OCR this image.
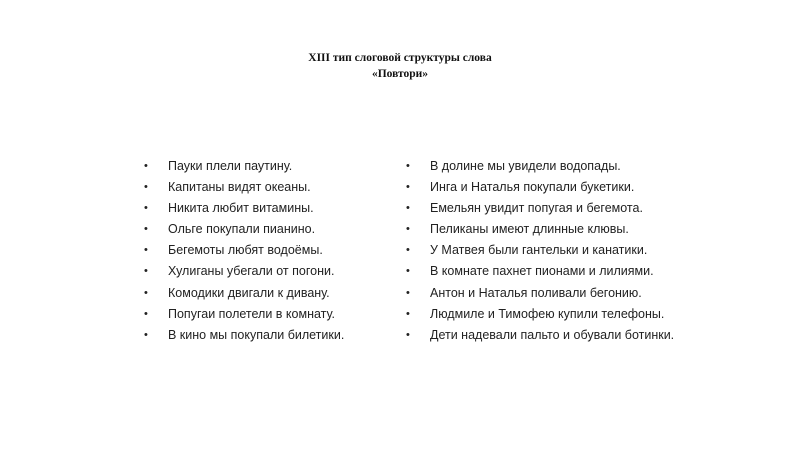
XIII тип слоговой структуры слова
«Повтори»
• Пауки плели паутину.
• Капитаны видят океаны.
• Никита любит витамины.
• Ольге покупали пианино.
• Бегемоты любят водоёмы.
• Хулиганы убегали от погони.
• Комодики двигали к дивану.
• Попугаи полетели в комнату.
• В кино мы покупали билетики.
• В долине мы увидели водопады.
• Инга и Наталья покупали букетики.
• Емельян увидит попугая и бегемота.
• Пеликаны имеют длинные клювы.
• У Матвея были гантельки и канатики.
• В комнате пахнет пионами и лилиями.
• Антон и Наталья поливали бегонию.
• Людмиле и Тимофею купили телефоны.
• Дети надевали пальто и обували ботинки.
